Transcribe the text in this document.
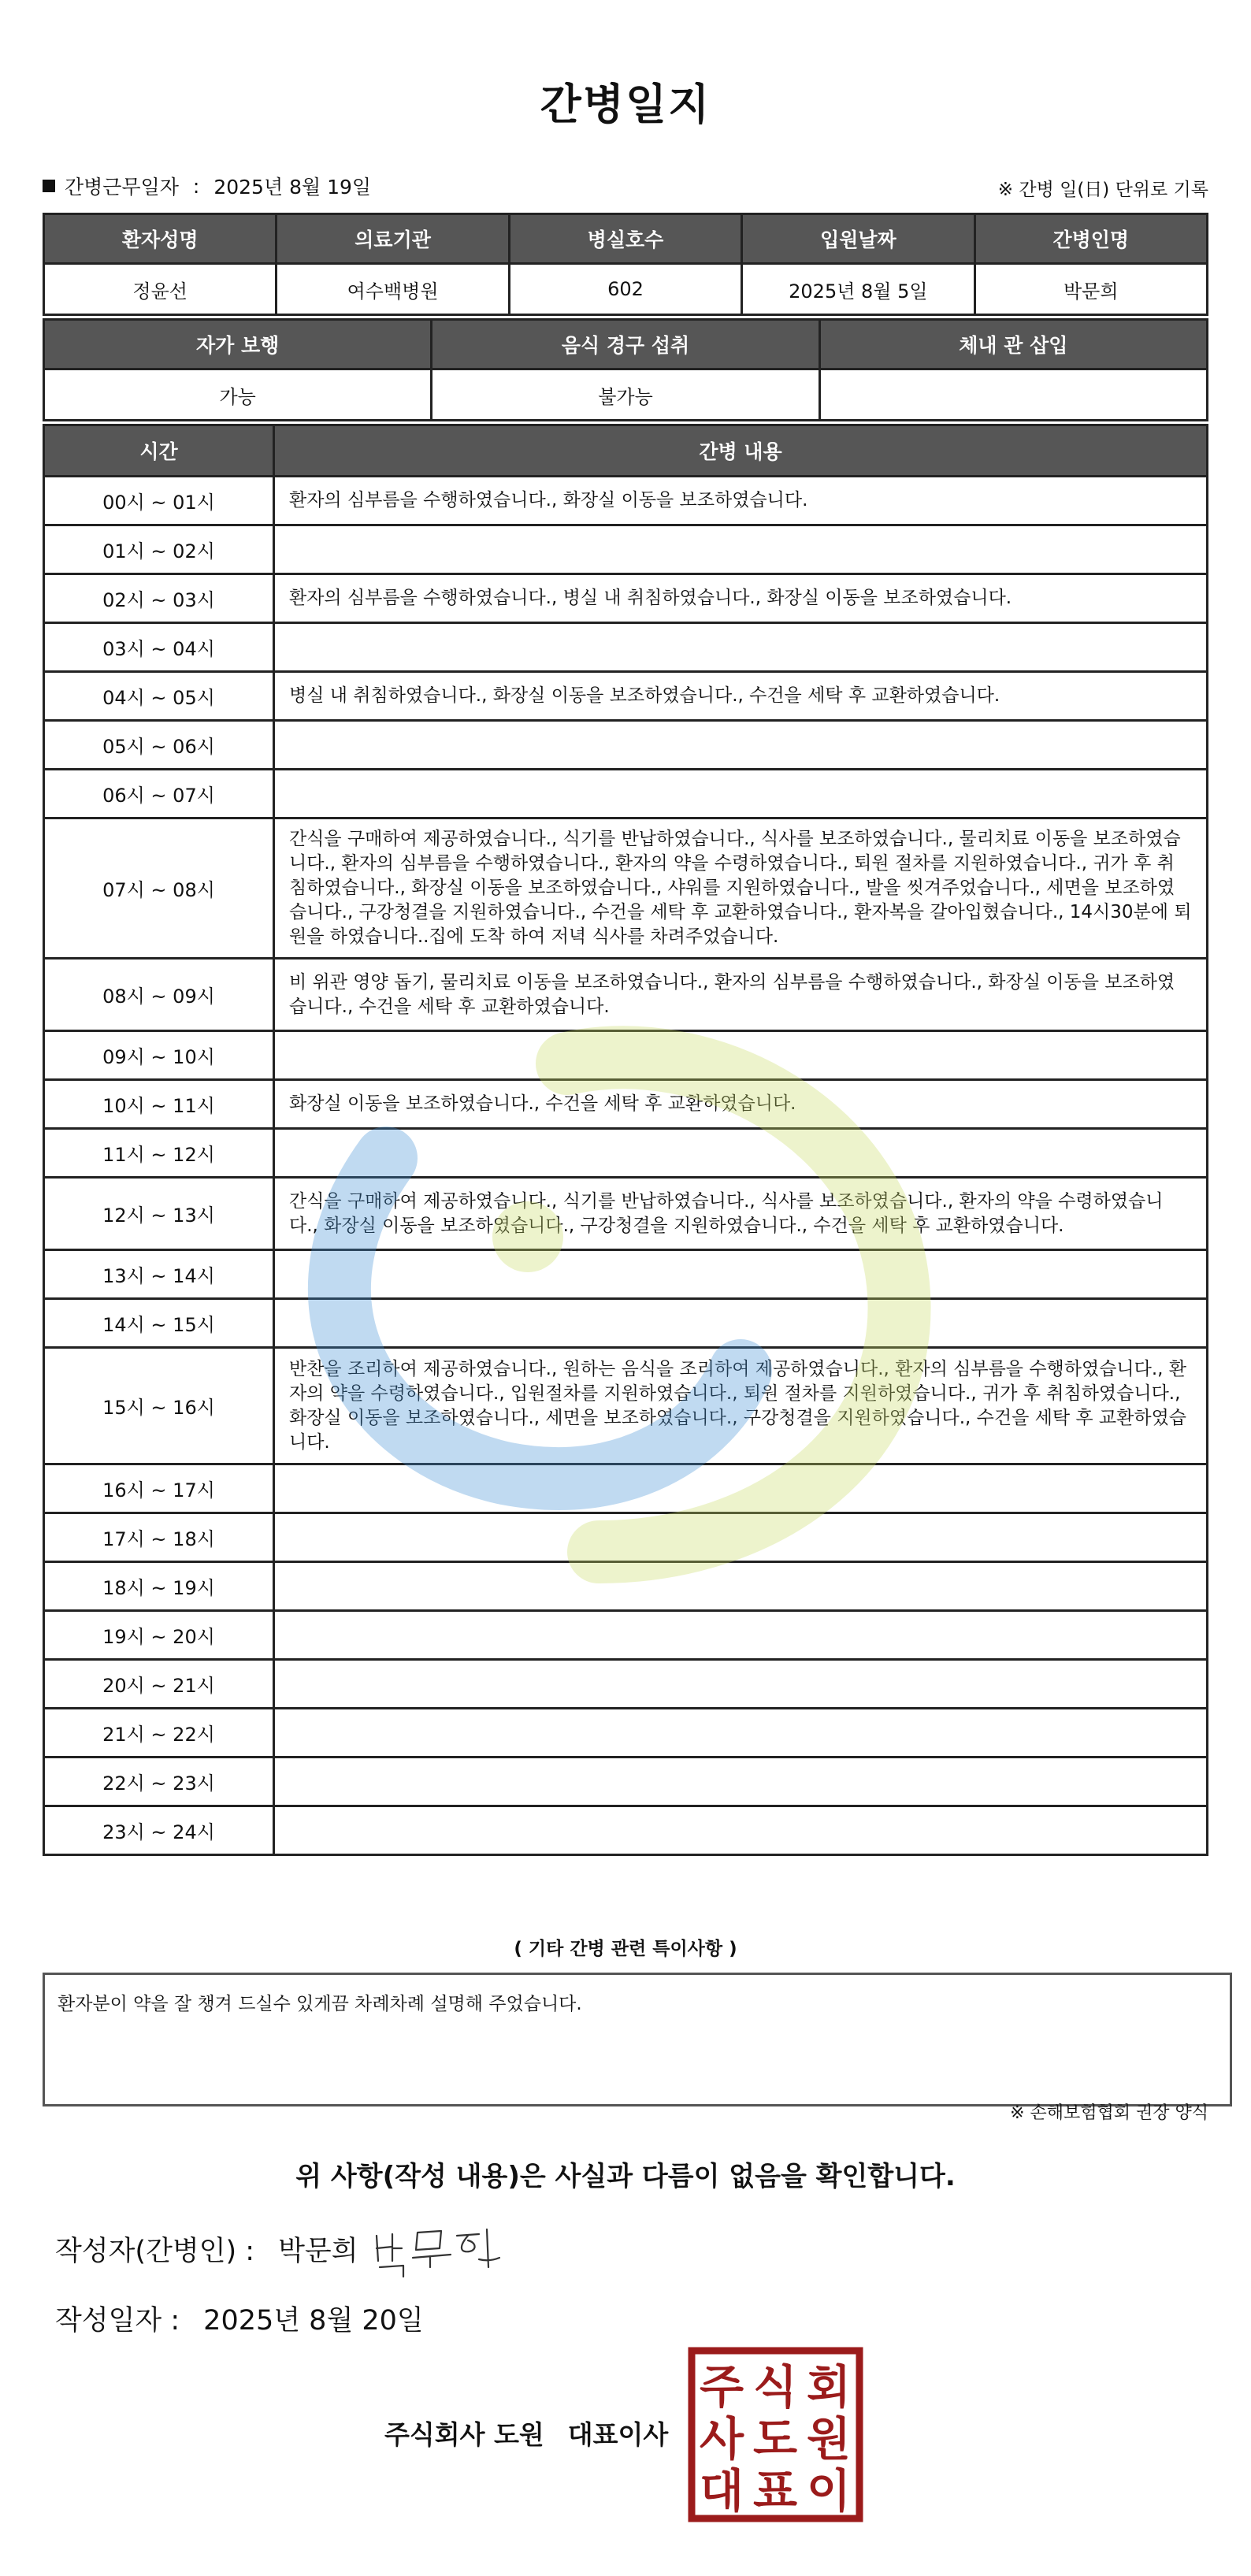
간병일지
간병근무일자 : 2025년 8월 19일	※ 간병 일(日) 단위로 기록
환자성명	의료기관	병실호수	입원날짜	간병인명
정윤선	여수백병원	602	2025년 8월 5일	박문희
자가 보행	음식 경구 섭취	체내 관 삽입
가능	불가능	
시간	간병 내용
00시 ~ 01시	환자의 심부름을 수행하였습니다., 화장실 이동을 보조하였습니다.
01시 ~ 02시	
02시 ~ 03시	환자의 심부름을 수행하였습니다., 병실 내 취침하였습니다., 화장실 이동을 보조하였습니다.
03시 ~ 04시	
04시 ~ 05시	병실 내 취침하였습니다., 화장실 이동을 보조하였습니다., 수건을 세탁 후 교환하였습니다.
05시 ~ 06시	
06시 ~ 07시	
07시 ~ 08시	간식을 구매하여 제공하였습니다., 식기를 반납하였습니다., 식사를 보조하였습니다., 물리치료 이동을 보조하였습니다., 환자의 심부름을 수행하였습니다., 환자의 약을 수령하였습니다., 퇴원 절차를 지원하였습니다., 귀가 후 취침하였습니다., 화장실 이동을 보조하였습니다., 샤워를 지원하였습니다., 발을 씻겨주었습니다., 세면을 보조하였습니다., 구강청결을 지원하였습니다., 수건을 세탁 후 교환하였습니다., 환자복을 갈아입혔습니다., 14시30분에 퇴원을 하였습니다..집에 도착 하여 저녁 식사를 차려주었습니다.
08시 ~ 09시	비 위관 영양 돕기, 물리치료 이동을 보조하였습니다., 환자의 심부름을 수행하였습니다., 화장실 이동을 보조하였습니다., 수건을 세탁 후 교환하였습니다.
09시 ~ 10시	
10시 ~ 11시	화장실 이동을 보조하였습니다., 수건을 세탁 후 교환하였습니다.
11시 ~ 12시	
12시 ~ 13시	간식을 구매하여 제공하였습니다., 식기를 반납하였습니다., 식사를 보조하였습니다., 환자의 약을 수령하였습니다., 화장실 이동을 보조하였습니다., 구강청결을 지원하였습니다., 수건을 세탁 후 교환하였습니다.
13시 ~ 14시	
14시 ~ 15시	
15시 ~ 16시	반찬을 조리하여 제공하였습니다., 원하는 음식을 조리하여 제공하였습니다., 환자의 심부름을 수행하였습니다., 환자의 약을 수령하였습니다., 입원절차를 지원하였습니다., 퇴원 절차를 지원하였습니다., 귀가 후 취침하였습니다., 화장실 이동을 보조하였습니다., 세면을 보조하였습니다., 구강청결을 지원하였습니다., 수건을 세탁 후 교환하였습니다.
16시 ~ 17시	
17시 ~ 18시	
18시 ~ 19시	
19시 ~ 20시	
20시 ~ 21시	
21시 ~ 22시	
22시 ~ 23시	
23시 ~ 24시	
( 기타 간병 관련 특이사항 )
환자분이 약을 잘 챙겨 드실수 있게끔 차례차례 설명해 주었습니다.
※ 손해보험협회 권장 양식
위 사항(작성 내용)은 사실과 다름이 없음을 확인합니다.
작성자(간병인) : 박문희
작성일자 : 2025년 8월 20일
주식회사 도원 대표이사
주 식 회
사 도 원
대 표 이
